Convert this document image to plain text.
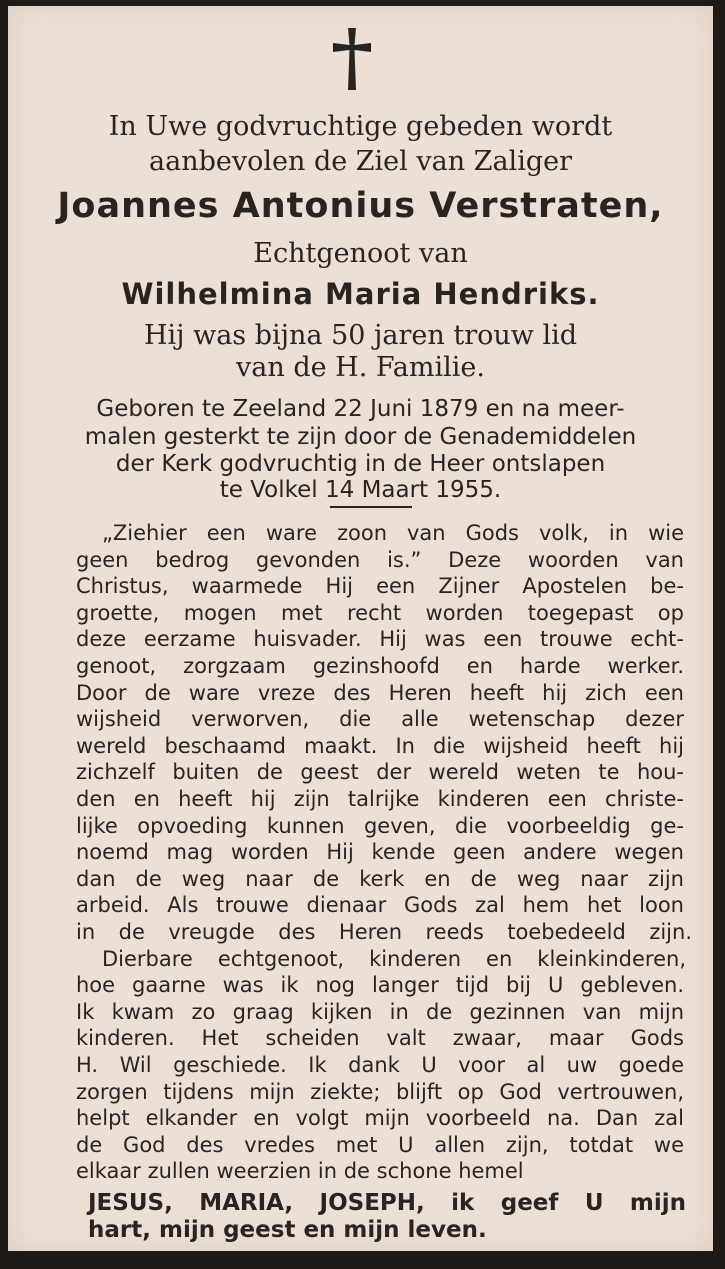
In Uwe godvruchtige gebeden wordt
aanbevolen de Ziel van Zaliger
Joannes Antonius Verstraten,
Echtgenoot van
Wilhelmina Maria Hendriks.
Hij was bijna 50 jaren trouw lid
van de H. Familie.
Geboren te Zeeland 22 Juni 1879 en na meer-
malen gesterkt te zijn door de Genademiddelen
der Kerk godvruchtig in de Heer ontslapen
te Volkel 14 Maart 1955.
„Ziehier een ware zoon van Gods volk, in wie
geen bedrog gevonden is.” Deze woorden van
Christus, waarmede Hij een Zijner Apostelen be-
groette, mogen met recht worden toegepast op
deze eerzame huisvader. Hij was een trouwe echt-
genoot, zorgzaam gezinshoofd en harde werker.
Door de ware vreze des Heren heeft hij zich een
wijsheid verworven, die alle wetenschap dezer
wereld beschaamd maakt. In die wijsheid heeft hij
zichzelf buiten de geest der wereld weten te hou-
den en heeft hij zijn talrijke kinderen een christe-
lijke opvoeding kunnen geven, die voorbeeldig ge-
noemd mag worden Hij kende geen andere wegen
dan de weg naar de kerk en de weg naar zijn
arbeid. Als trouwe dienaar Gods zal hem het loon
in de vreugde des Heren reeds toebedeeld zijn.
Dierbare echtgenoot, kinderen en kleinkinderen,
hoe gaarne was ik nog langer tijd bij U gebleven.
Ik kwam zo graag kijken in de gezinnen van mijn
kinderen. Het scheiden valt zwaar, maar Gods
H. Wil geschiede. Ik dank U voor al uw goede
zorgen tijdens mijn ziekte; blijft op God vertrouwen,
helpt elkander en volgt mijn voorbeeld na. Dan zal
de God des vredes met U allen zijn, totdat we
elkaar zullen weerzien in de schone hemel
JESUS, MARIA, JOSEPH, ik geef U mijn
hart, mijn geest en mijn leven.
